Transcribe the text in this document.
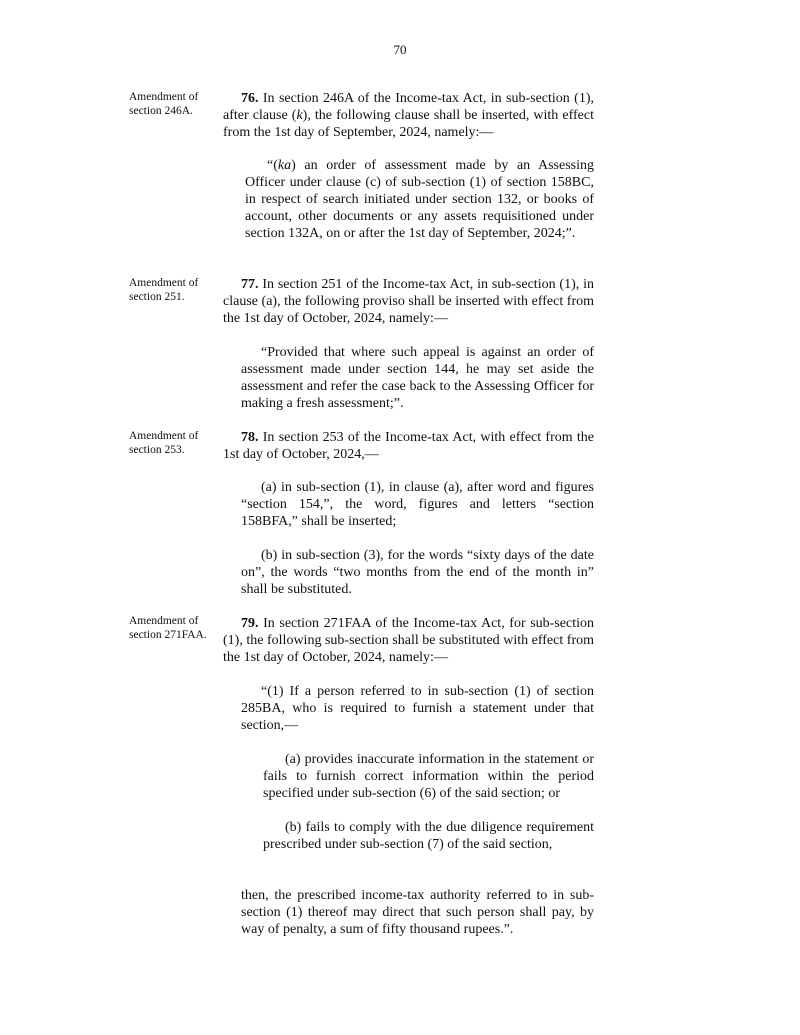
70
Amendment of section 246A.

76. In section 246A of the Income-tax Act, in sub-section (1), after clause (k), the following clause shall be inserted, with effect from the 1st day of September, 2024, namely:—

“(ka) an order of assessment made by an Assessing Officer under clause (c) of sub-section (1) of section 158BC, in respect of search initiated under section 132, or books of account, other documents or any assets requisitioned under section 132A, on or after the 1st day of September, 2024;”.

Amendment of section 251.

77. In section 251 of the Income-tax Act, in sub-section (1), in clause (a), the following proviso shall be inserted with effect from the 1st day of October, 2024, namely:—

“Provided that where such appeal is against an order of assessment made under section 144, he may set aside the assessment and refer the case back to the Assessing Officer for making a fresh assessment;”.

Amendment of section 253.

78. In section 253 of the Income-tax Act, with effect from the 1st day of October, 2024,—

(a) in sub-section (1), in clause (a), after word and figures “section 154,”, the word, figures and letters “section 158BFA,” shall be inserted;

(b) in sub-section (3), for the words “sixty days of the date on”, the words “two months from the end of the month in” shall be substituted.

Amendment of section 271FAA.

79. In section 271FAA of the Income-tax Act, for sub-section (1), the following sub-section shall be substituted with effect from the 1st day of October, 2024, namely:—

“(1) If a person referred to in sub-section (1) of section 285BA, who is required to furnish a statement under that section,—

(a) provides inaccurate information in the statement or fails to furnish correct information within the period specified under sub-section (6) of the said section; or

(b) fails to comply with the due diligence requirement prescribed under sub-section (7) of the said section,

then, the prescribed income-tax authority referred to in sub-section (1) thereof may direct that such person shall pay, by way of penalty, a sum of fifty thousand rupees.”.
